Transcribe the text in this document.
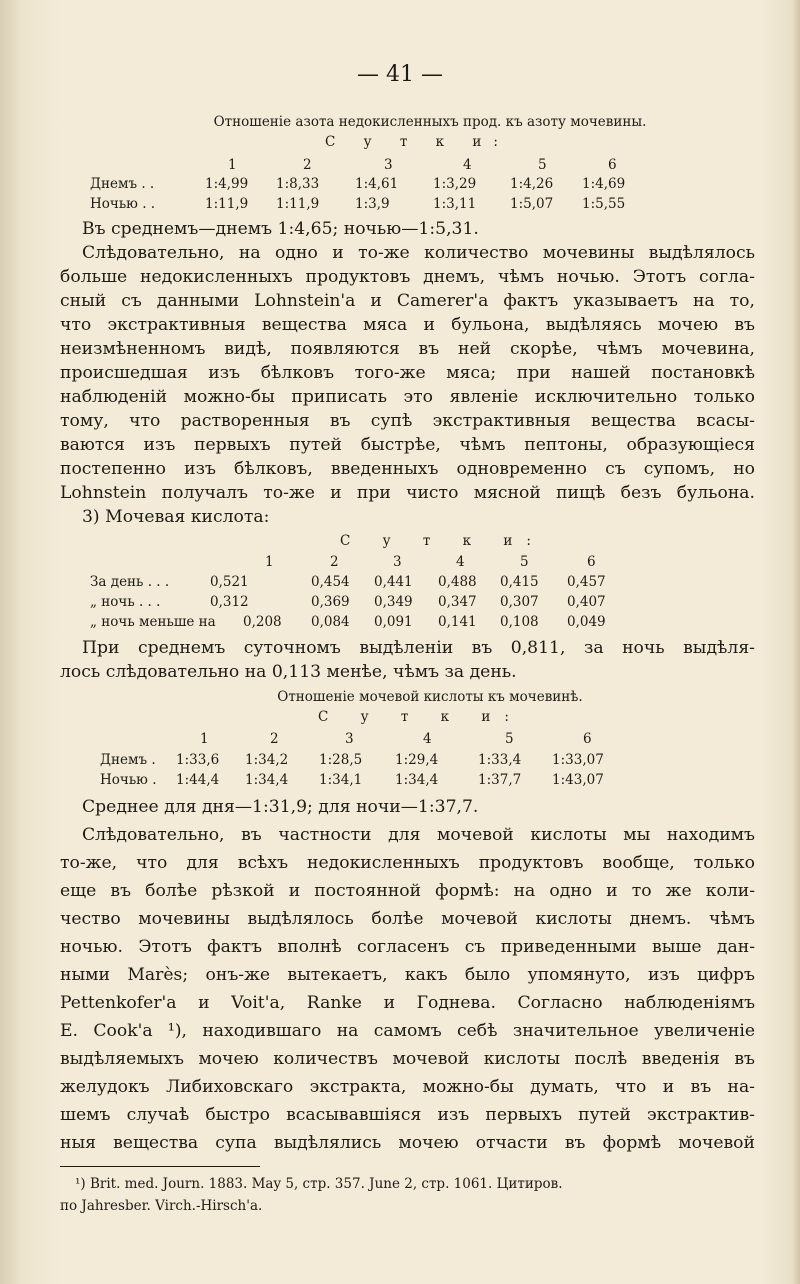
— 41 —
Отношеніе азота недокисленныхъ прод. къ азоту мочевины.
С у т к и:
1	2	3	4	5	6
Днемъ . .	1:4,99 1:8,33	1:4,61	1:3,29	1:4,26 1:4,69
Ночью . .	1:11,9 1:11,9	1:3,9	1:3,11	1:5,07 1:5,55
Въ среднемъ—днемъ 1:4,65; ночью—1:5,31.
Слѣдовательно, на одно и то-же количество мочевины выдѣлялось
больше недокисленныхъ продуктовъ днемъ, чѣмъ ночью. Этотъ согла-
сный съ данными Lohnstein'a и Camerer'a фактъ указываетъ на то,
что экстрактивныя вещества мяса и бульона, выдѣляясь мочею въ
неизмѣненномъ видѣ, появляются въ ней скорѣе, чѣмъ мочевина,
происшедшая изъ бѣлковъ того-же мяса; при нашей постановкѣ
наблюденій можно-бы приписать это явленіе исключительно только
тому, что растворенныя въ супѣ экстрактивныя вещества всасы-
ваются изъ первыхъ путей быстрѣе, чѣмъ пептоны, образующіеся
постепенно изъ бѣлковъ, введенныхъ одновременно съ супомъ, но
Lohnstein получалъ то-же и при чисто мясной пищѣ безъ бульона.
3) Мочевая кислота:
С у т к и:
1	2	3	4	5	6
За день . . .	0,521	0,454 0,441 0,488 0,415 0,457
„ ночь . . .	0,312	0,369 0,349 0,347 0,307 0,407
„ ночь меньше на 0,208 0,084 0,091 0,141 0,108 0,049
При среднемъ суточномъ выдѣленіи въ 0,811, за ночь выдѣля-
лось слѣдовательно на 0,113 менѣе, чѣмъ за день.
Отношеніе мочевой кислоты къ мочевинѣ.
С у т к и:
1	2	3	4	5	6
Днемъ . 1:33,6 1:34,2 1:28,5 1:29,4	1:33,4 1:33,07
Ночью . 1:44,4 1:34,4 1:34,1 1:34,4	1:37,7 1:43,07
Среднее для дня—1:31,9; для ночи—1:37,7.
Слѣдовательно, въ частности для мочевой кислоты мы находимъ
то-же, что для всѣхъ недокисленныхъ продуктовъ вообще, только
еще въ болѣе рѣзкой и постоянной формѣ: на одно и то же коли-
чество мочевины выдѣлялось болѣе мочевой кислоты днемъ. чѣмъ
ночью. Этотъ фактъ вполнѣ согласенъ съ приведенными выше дан-
ными Marès; онъ-же вытекаетъ, какъ было упомянуто, изъ цифръ
Pettenkofer'a и Voit'a, Ranke и Годнева. Согласно наблюденіямъ
E. Cook'a ¹), находившаго на самомъ себѣ значительное увеличеніе
выдѣляемыхъ мочею количествъ мочевой кислоты послѣ введенія въ
желудокъ Либиховскаго экстракта, можно-бы думать, что и въ на-
шемъ случаѣ быстро всасывавшіяся изъ первыхъ путей экстрактив-
ныя вещества супа выдѣлялись мочею отчасти въ формѣ мочевой
¹) Brit. med. Journ. 1883. May 5, стр. 357. June 2, стр. 1061. Цитиров.
по Jahresber. Virch.-Hirsch'a.
